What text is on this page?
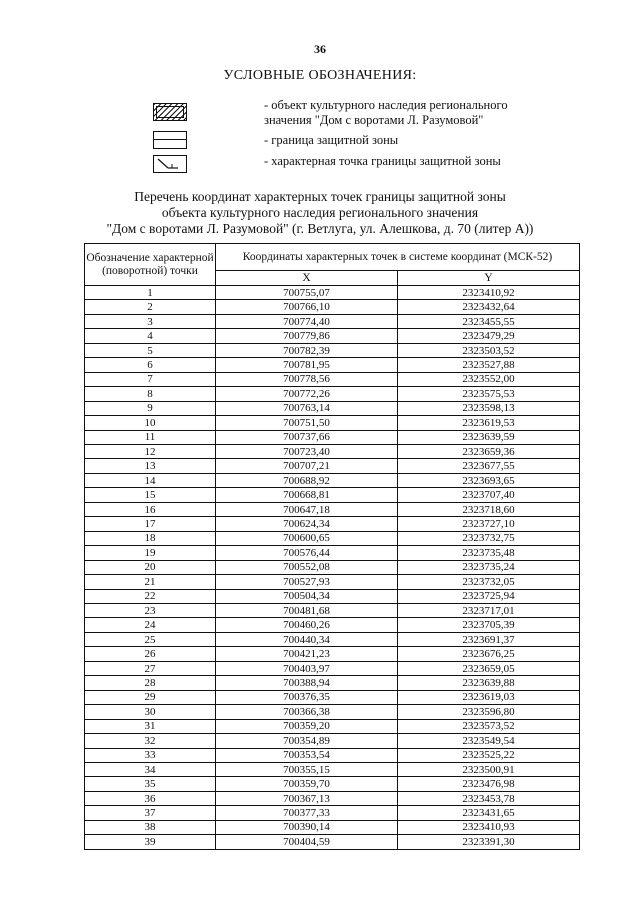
36
УСЛОВНЫЕ ОБОЗНАЧЕНИЯ:
- объект культурного наследия регионального значения "Дом с воротами Л. Разумовой"
- граница защитной зоны
- характерная точка границы защитной зоны
Перечень координат характерных точек границы защитной зоны
объекта культурного наследия регионального значения
"Дом с воротами Л. Разумовой" (г. Ветлуга, ул. Алешкова, д. 70 (литер А))
Обозначение характерной (поворотной) точки	Координаты характерных точек в системе координат (МСК-52)	
	X	Y
1	700755,07	2323410,92
2	700766,10	2323432,64
3	700774,40	2323455,55
4	700779,86	2323479,29
5	700782,39	2323503,52
6	700781,95	2323527,88
7	700778,56	2323552,00
8	700772,26	2323575,53
9	700763,14	2323598,13
10	700751,50	2323619,53
11	700737,66	2323639,59
12	700723,40	2323659,36
13	700707,21	2323677,55
14	700688,92	2323693,65
15	700668,81	2323707,40
16	700647,18	2323718,60
17	700624,34	2323727,10
18	700600,65	2323732,75
19	700576,44	2323735,48
20	700552,08	2323735,24
21	700527,93	2323732,05
22	700504,34	2323725,94
23	700481,68	2323717,01
24	700460,26	2323705,39
25	700440,34	2323691,37
26	700421,23	2323676,25
27	700403,97	2323659,05
28	700388,94	2323639,88
29	700376,35	2323619,03
30	700366,38	2323596,80
31	700359,20	2323573,52
32	700354,89	2323549,54
33	700353,54	2323525,22
34	700355,15	2323500,91
35	700359,70	2323476,98
36	700367,13	2323453,78
37	700377,33	2323431,65
38	700390,14	2323410,93
39	700404,59	2323391,30
